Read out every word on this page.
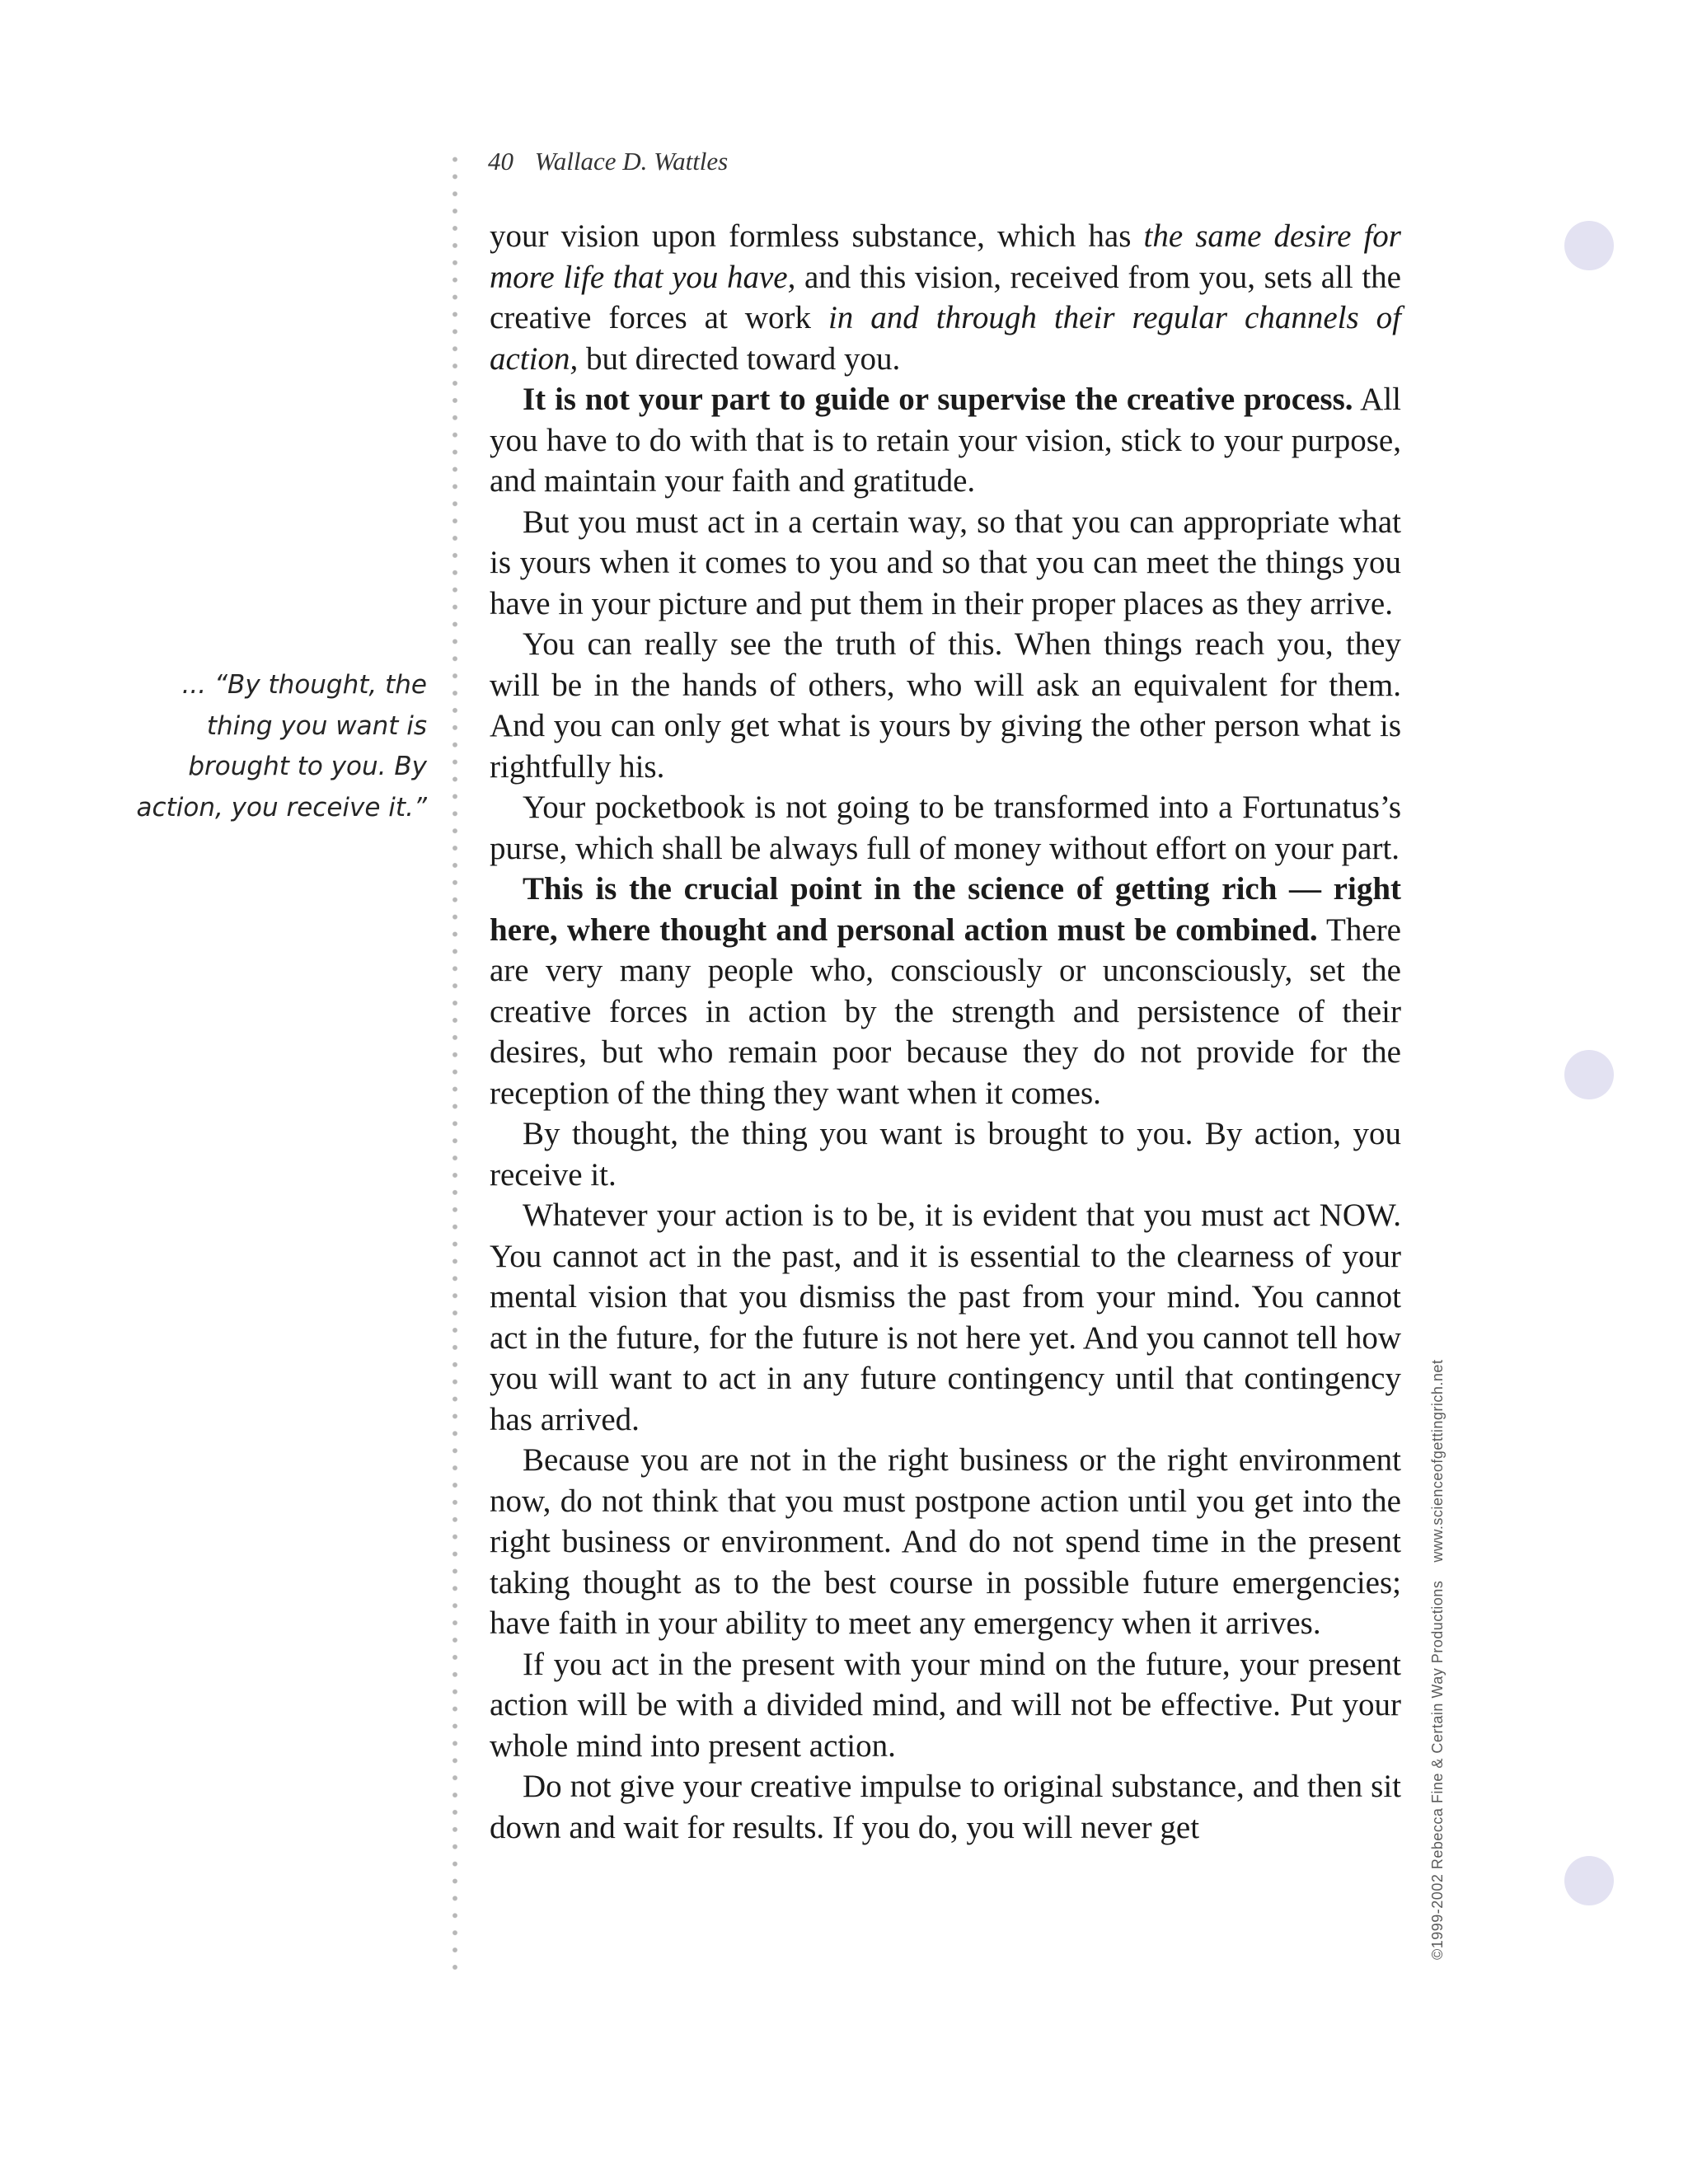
40 Wallace D. Wattles
... “By thought, the thing you want is brought to you. By action, you receive it.”

your vision upon formless substance, which has the same desire for more life that you have, and this vision, received from you, sets all the creative forces at work in and through their regular channels of action, but directed toward you.

It is not your part to guide or supervise the creative process. All you have to do with that is to retain your vision, stick to your purpose, and maintain your faith and gratitude.

But you must act in a certain way, so that you can appropriate what is yours when it comes to you and so that you can meet the things you have in your picture and put them in their proper places as they arrive.

You can really see the truth of this. When things reach you, they will be in the hands of others, who will ask an equivalent for them. And you can only get what is yours by giving the other person what is rightfully his.

Your pocketbook is not going to be transformed into a Fortunatus’s purse, which shall be always full of money without effort on your part.

This is the crucial point in the science of getting rich — right here, where thought and personal action must be combined. There are very many people who, consciously or unconsciously, set the creative forces in action by the strength and persistence of their desires, but who remain poor because they do not provide for the reception of the thing they want when it comes.

By thought, the thing you want is brought to you. By action, you receive it.

Whatever your action is to be, it is evident that you must act NOW. You cannot act in the past, and it is essential to the clearness of your mental vision that you dismiss the past from your mind. You cannot act in the future, for the future is not here yet. And you cannot tell how you will want to act in any future contingency until that contingency has arrived.

Because you are not in the right business or the right environment now, do not think that you must postpone action until you get into the right business or environment. And do not spend time in the present taking thought as to the best course in possible future emergencies; have faith in your ability to meet any emergency when it arrives.

If you act in the present with your mind on the future, your present action will be with a divided mind, and will not be effective. Put your whole mind into present action.

Do not give your creative impulse to original substance, and then sit down and wait for results. If you do, you will never get	©1999-2002 Rebecca Fine & Certain Way Productionswww.scienceofgettingrich.net
